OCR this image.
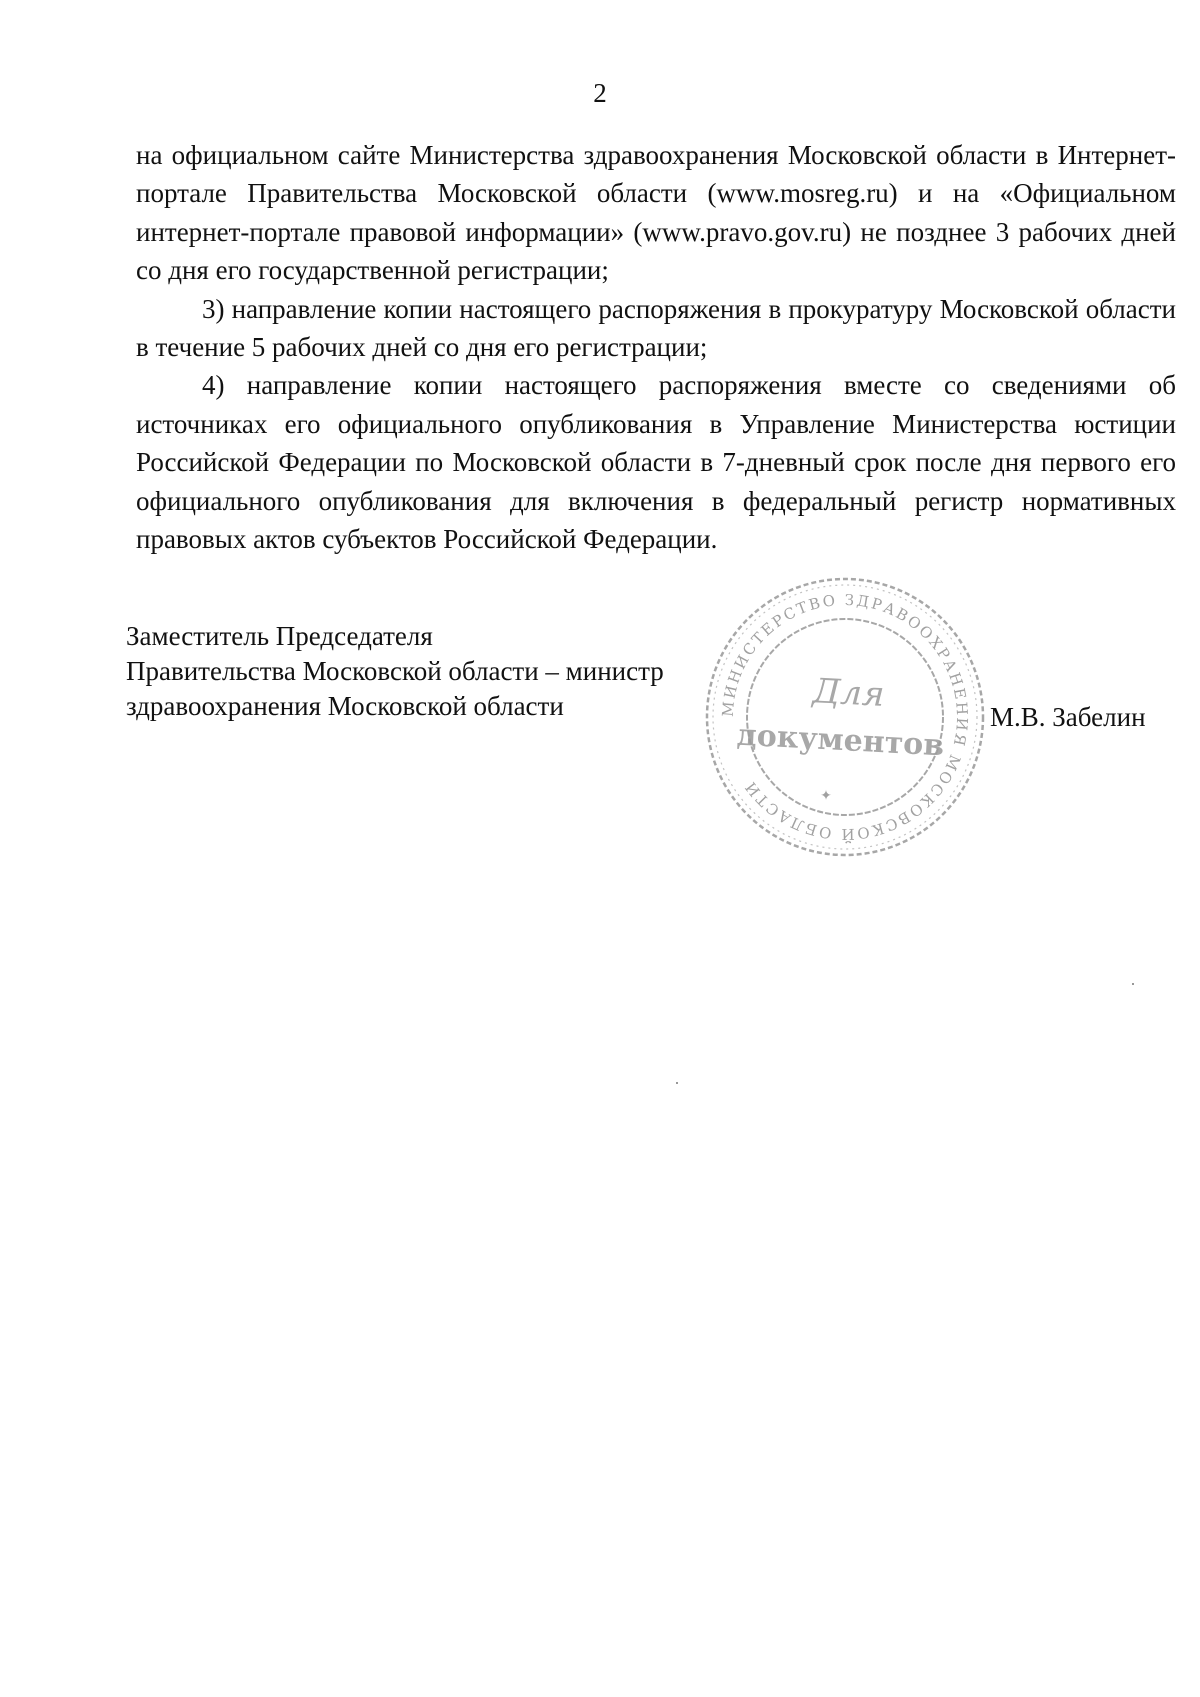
2

на официальном сайте Министерства здравоохранения Московской области в Интернет-портале Правительства Московской области (www.mosreg.ru) и на «Официальном интернет-портале правовой информации» (www.pravo.gov.ru) не позднее 3 рабочих дней со дня его государственной регистрации;

3) направление копии настоящего распоряжения в прокуратуру Московской области в течение 5 рабочих дней со дня его регистрации;

4) направление копии настоящего распоряжения вместе со сведениями об источниках его официального опубликования в Управление Министерства юстиции Российской Федерации по Московской области в 7-дневный срок после дня первого его официального опубликования для включения в федеральный регистр нормативных правовых актов субъектов Российской Федерации.

Заместитель Председателя
Правительства Московской области – министр
здравоохранения Московской области	М.В. Забелин
МИНИСТЕРСТВО ЗДРАВООХРАНЕНИЯ МОСКОВСКОЙ ОБЛАСТИ
Для
документов
✦
